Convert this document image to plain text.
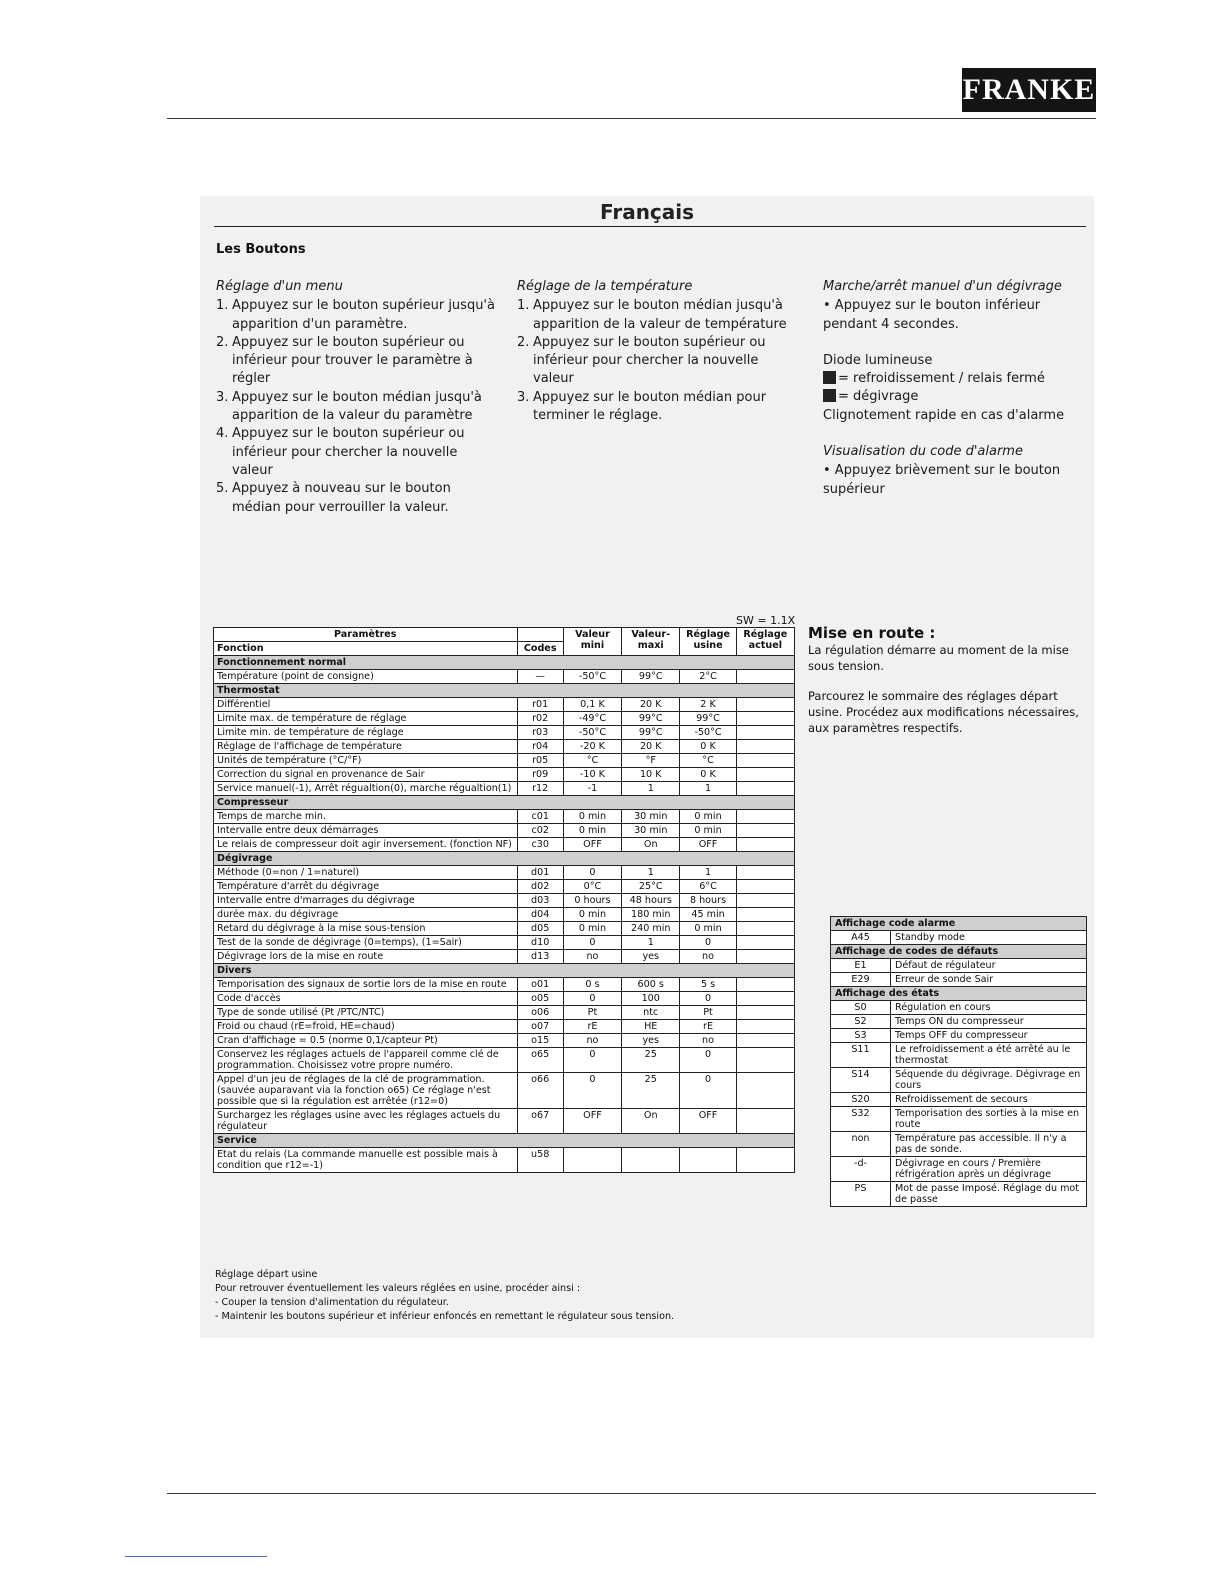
FRANKE
Français
Les Boutons
Réglage d'un menu
1. Appuyez sur le bouton supérieur jusqu'à apparition d'un paramètre.
2. Appuyez sur le bouton supérieur ou inférieur pour trouver le paramètre à régler
3. Appuyez sur le bouton médian jusqu'à apparition de la valeur du paramètre
4. Appuyez sur le bouton supérieur ou inférieur pour chercher la nouvelle valeur
5. Appuyez à nouveau sur le bouton médian pour verrouiller la valeur.
Réglage de la température
1. Appuyez sur le bouton médian jusqu'à apparition de la valeur de température
2. Appuyez sur le bouton supérieur ou inférieur pour chercher la nouvelle valeur
3. Appuyez sur le bouton médian pour terminer le réglage.
Marche/arrêt manuel d'un dégivrage
• Appuyez sur le bouton inférieur pendant 4 secondes.
Diode lumineuse
= refroidissement / relais fermé
= dégivrage
Clignotement rapide en cas d'alarme
Visualisation du code d'alarme
• Appuyez brièvement sur le bouton supérieur
SW = 1.1X
Paramètres		Valeur mini	Valeur-maxi	Réglage usine	Réglage actuel
Fonction	Codes				
Fonctionnement normal					
Température (point de consigne)	—	-50°C	99°C	2°C	
Thermostat					
Différentiel	r01	0,1 K	20 K	2 K	
Limite max. de température de réglage	r02	-49°C	99°C	99°C	
Limite min. de température de réglage	r03	-50°C	99°C	-50°C	
Réglage de l'affichage de température	r04	-20 K	20 K	0 K	
Unités de température (°C/°F)	r05	°C	°F	°C	
Correction du signal en provenance de Sair	r09	-10 K	10 K	0 K	
Service manuel(-1), Arrêt régualtion(0), marche régualtion(1)	r12	-1	1	1	
Compresseur					
Temps de marche min.	c01	0 min	30 min	0 min	
Intervalle entre deux démarrages	c02	0 min	30 min	0 min	
Le relais de compresseur doit agir inversement. (fonction NF)	c30	OFF	On	OFF	
Dégivrage					
Méthode (0=non / 1=naturel)	d01	0	1	1	
Température d'arrêt du dégivrage	d02	0°C	25°C	6°C	
Intervalle entre d'marrages du dégivrage	d03	0 hours	48 hours	8 hours	
durée max. du dégivrage	d04	0 min	180 min	45 min	
Retard du dégivrage à la mise sous-tension	d05	0 min	240 min	0 min	
Test de la sonde de dégivrage (0=temps), (1=Sair)	d10	0	1	0	
Dégivrage lors de la mise en route	d13	no	yes	no	
Divers					
Temporisation des signaux de sortie lors de la mise en route	o01	0 s	600 s	5 s	
Code d'accès	o05	0	100	0	
Type de sonde utilisé (Pt /PTC/NTC)	o06	Pt	ntc	Pt	
Froid ou chaud (rE=froid, HE=chaud)	o07	rE	HE	rE	
Cran d'affichage = 0.5 (norme 0,1/capteur Pt)	o15	no	yes	no	
Conservez les réglages actuels de l'appareil comme clé de programmation. Choisissez votre propre numéro.	o65	0	25	0	
Appel d'un jeu de réglages de la clé de programmation. (sauvée auparavant via la fonction o65) Ce réglage n'est possible que si la régulation est arrêtée (r12=0)	o66	0	25	0	
Surchargez les réglages usine avec les réglages actuels du régulateur	o67	OFF	On	OFF	
Service					
Etat du relais (La commande manuelle est possible mais à condition que r12=-1)	u58				
Mise en route :

La régulation démarre au moment de la mise sous tension.

Parcourez le sommaire des réglages départ usine. Procédez aux modifications nécessaires, aux paramètres respectifs.

Affichage code alarme	
A45	Standby mode
Affichage de codes de défauts	
E1	Défaut de régulateur
E29	Erreur de sonde Sair
Affichage des états	
S0	Régulation en cours
S2	Temps ON du compresseur
S3	Temps OFF du compresseur
S11	Le refroidissement a été arrêté au le thermostat
S14	Séquende du dégivrage. Dégivrage en cours
S20	Refroidissement de secours
S32	Temporisation des sorties à la mise en route
non	Température pas accessible. Il n'y a pas de sonde.
-d-	Dégivrage en cours / Première réfrigération après un dégivrage
PS	Mot de passe Imposé. Réglage du mot de passe
Réglage départ usine
Pour retrouver éventuellement les valeurs réglées en usine, procéder ainsi :
- Couper la tension d'alimentation du régulateur.
- Maintenir les boutons supérieur et inférieur enfoncés en remettant le régulateur sous tension.
